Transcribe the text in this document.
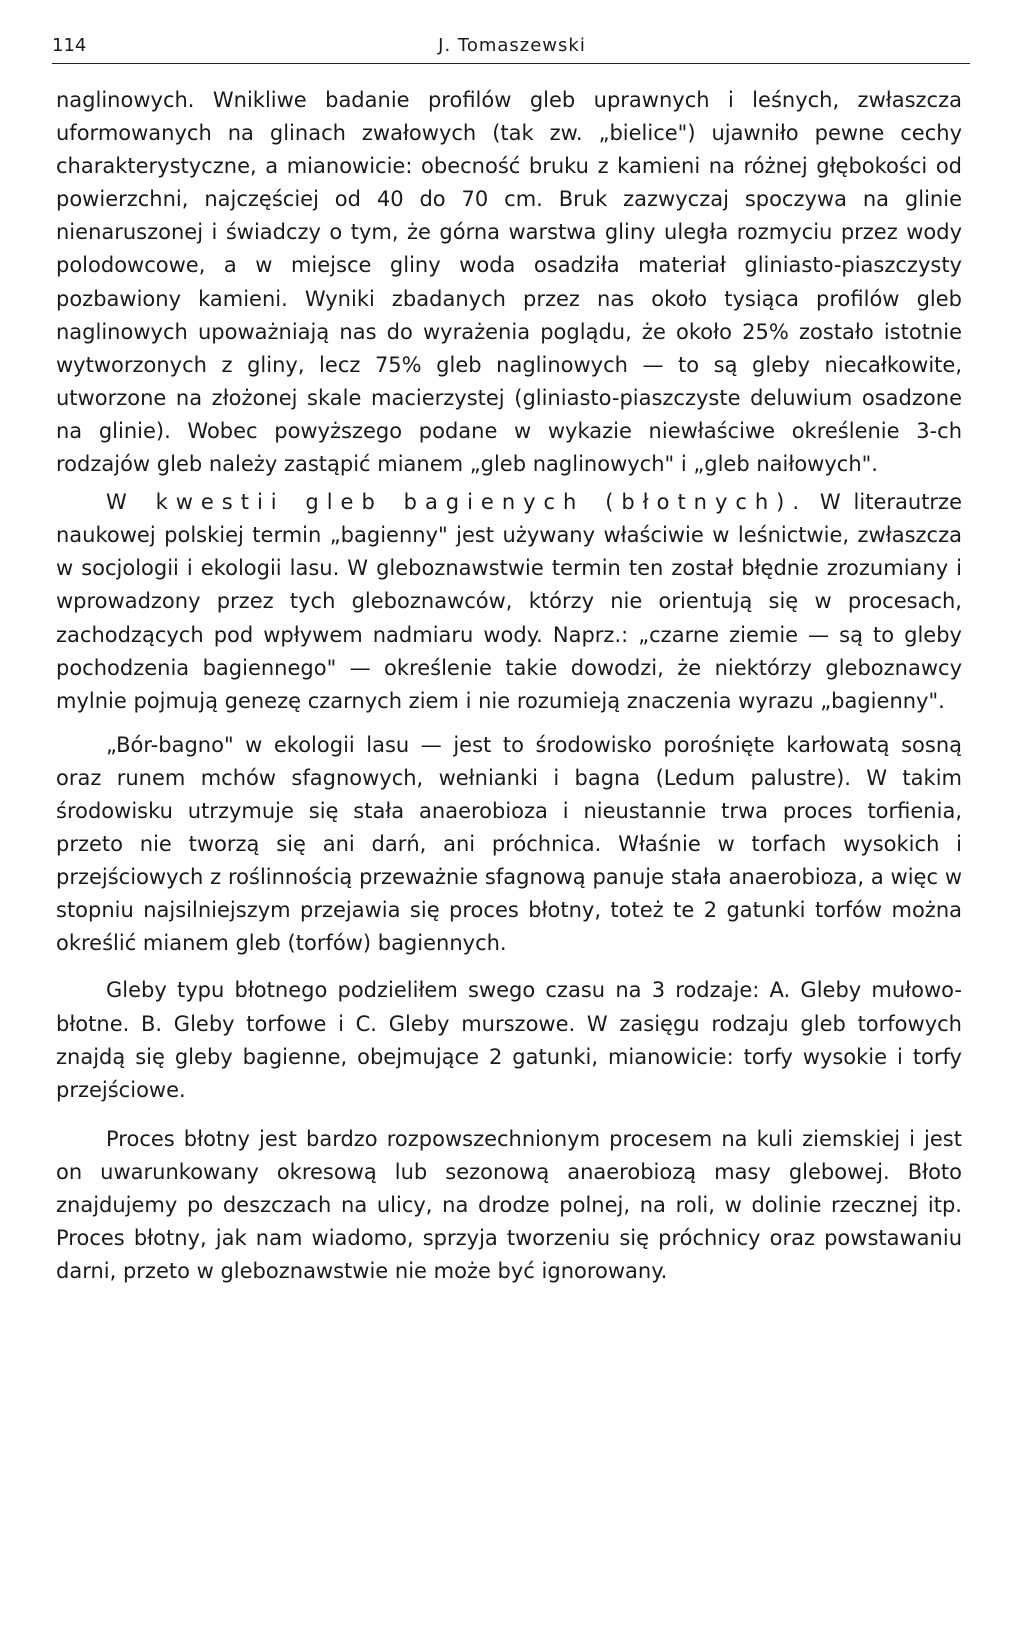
114	J. Tomaszewski

naglinowych. Wnikliwe badanie profilów gleb uprawnych i leśnych, zwłaszcza uformowanych na glinach zwałowych (tak zw. „bielice") ujawniło pewne cechy charakterystyczne, a mianowicie: obecność bruku z kamieni na różnej głębokości od powierzchni, najczęściej od 40 do 70 cm. Bruk zazwyczaj spoczywa na glinie nienaruszonej i świadczy o tym, że górna warstwa gliny uległa rozmyciu przez wody polodowcowe, a w miejsce gliny woda osadziła materiał gliniasto-piaszczysty pozbawiony kamieni. Wyniki zbadanych przez nas około tysiąca profilów gleb naglinowych upoważniają nas do wyrażenia poglądu, że około 25% zostało istotnie wytworzonych z gliny, lecz 75% gleb naglinowych — to są gleby niecałkowite, utworzone na złożonej skale macierzystej (gliniasto-piaszczyste deluwium osadzone na glinie). Wobec powyższego podane w wykazie niewłaściwe określenie 3-ch rodzajów gleb należy zastąpić mianem „gleb naglinowych" i „gleb naiłowych".

W kwestii gleb bagienych (błotnych). W literautrze naukowej polskiej termin „bagienny" jest używany właściwie w leśnictwie, zwłaszcza w socjologii i ekologii lasu. W gleboznawstwie termin ten został błędnie zrozumiany i wprowadzony przez tych gleboznawców, którzy nie orientują się w procesach, zachodzących pod wpływem nadmiaru wody. Naprz.: „czarne ziemie — są to gleby pochodzenia bagiennego" — określenie takie dowodzi, że niektórzy gleboznawcy mylnie pojmują genezę czarnych ziem i nie rozumieją znaczenia wyrazu „bagienny".

„Bór-bagno" w ekologii lasu — jest to środowisko porośnięte karłowatą sosną oraz runem mchów sfagnowych, wełnianki i bagna (Ledum palustre). W takim środowisku utrzymuje się stała anaerobioza i nieustannie trwa proces torfienia, przeto nie tworzą się ani darń, ani próchnica. Właśnie w torfach wysokich i przejściowych z roślinnością przeważnie sfagnową panuje stała anaerobioza, a więc w stopniu najsilniejszym przejawia się proces błotny, toteż te 2 gatunki torfów można określić mianem gleb (torfów) bagiennych.

Gleby typu błotnego podzieliłem swego czasu na 3 rodzaje: A. Gleby mułowo-błotne. B. Gleby torfowe i C. Gleby murszowe. W zasięgu rodzaju gleb torfowych znajdą się gleby bagienne, obejmujące 2 gatunki, mianowicie: torfy wysokie i torfy przejściowe.

Proces błotny jest bardzo rozpowszechnionym procesem na kuli ziemskiej i jest on uwarunkowany okresową lub sezonową anaerobiozą masy glebowej. Błoto znajdujemy po deszczach na ulicy, na drodze polnej, na roli, w dolinie rzecznej itp. Proces błotny, jak nam wiadomo, sprzyja tworzeniu się próchnicy oraz powstawaniu darni, przeto w gleboznawstwie nie może być ignorowany.
